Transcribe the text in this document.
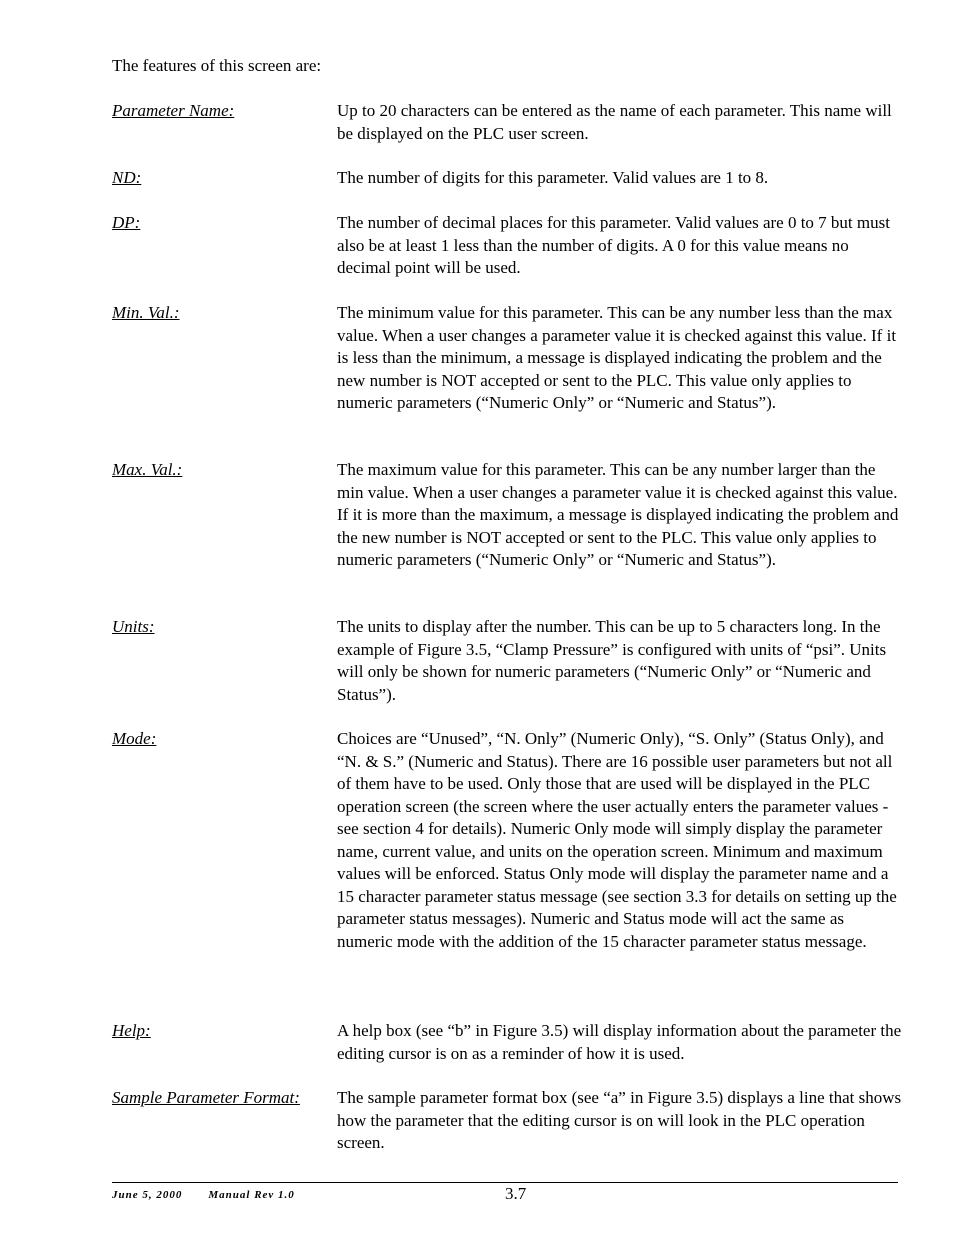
The features of this screen are:

Parameter Name:	Up to 20 characters can be entered as the name of each parameter. This name will be displayed on the PLC user screen.

ND:	The number of digits for this parameter. Valid values are 1 to 8.

DP:	The number of decimal places for this parameter. Valid values are 0 to 7 but must also be at least 1 less than the number of digits. A 0 for this value means no decimal point will be used.

Min. Val.:	The minimum value for this parameter. This can be any number less than the max value. When a user changes a parameter value it is checked against this value. If it is less than the minimum, a message is displayed indicating the problem and the new number is NOT accepted or sent to the PLC. This value only applies to numeric parameters (“Numeric Only” or “Numeric and Status”).

Max. Val.:	The maximum value for this parameter. This can be any number larger than the min value. When a user changes a parameter value it is checked against this value. If it is more than the maximum, a message is displayed indicating the problem and the new number is NOT accepted or sent to the PLC. This value only applies to numeric parameters (“Numeric Only” or “Numeric and Status”).

Units:	The units to display after the number. This can be up to 5 characters long. In the example of Figure 3.5, “Clamp Pressure” is configured with units of “psi”. Units will only be shown for numeric parameters (“Numeric Only” or “Numeric and Status”).

Mode:	Choices are “Unused”, “N. Only” (Numeric Only), “S. Only” (Status Only), and “N. & S.” (Numeric and Status). There are 16 possible user parameters but not all of them have to be used. Only those that are used will be displayed in the PLC operation screen (the screen where the user actually enters the parameter values - see section 4 for details). Numeric Only mode will simply display the parameter name, current value, and units on the operation screen. Minimum and maximum values will be enforced. Status Only mode will display the parameter name and a 15 character parameter status message (see section 3.3 for details on setting up the parameter status messages). Numeric and Status mode will act the same as numeric mode with the addition of the 15 character parameter status message.

Help:	A help box (see “b” in Figure 3.5) will display information about the parameter the editing cursor is on as a reminder of how it is used.

Sample Parameter Format:	The sample parameter format box (see “a” in Figure 3.5) displays a line that shows how the parameter that the editing cursor is on will look in the PLC operation screen.

June 5, 2000 Manual Rev 1.0	3.7
